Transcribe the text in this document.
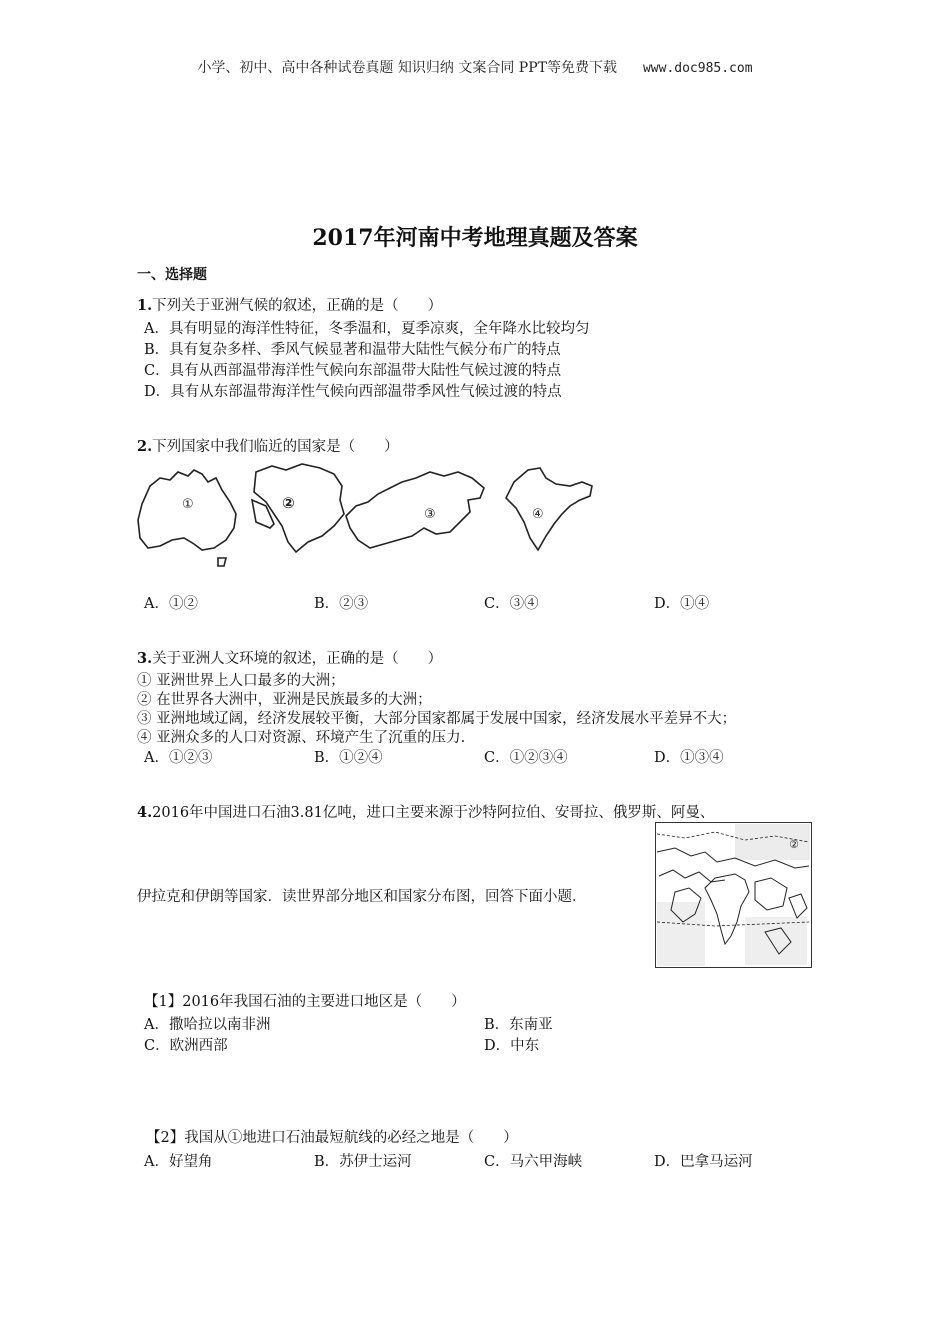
小学、初中、高中各种试卷真题 知识归纳 文案合同 PPT等免费下载 www.doc985.com
2017年河南中考地理真题及答案
一、选择题
1.下列关于亚洲气候的叙述，正确的是（　　）
A．具有明显的海洋性特征，冬季温和，夏季凉爽，全年降水比较均匀
B．具有复杂多样、季风气候显著和温带大陆性气候分布广的特点
C．具有从西部温带海洋性气候向东部温带大陆性气候过渡的特点
D．具有从东部温带海洋性气候向西部温带季风性气候过渡的特点
2.下列国家中我们临近的国家是（　　）
①	②
③	④
A．①②	B．②③	C．③④	D．①④
3.关于亚洲人文环境的叙述，正确的是（　　）
① 亚洲世界上人口最多的大洲；
② 在世界各大洲中，亚洲是民族最多的大洲；
③ 亚洲地域辽阔，经济发展较平衡，大部分国家都属于发展中国家，经济发展水平差异不大；
④ 亚洲众多的人口对资源、环境产生了沉重的压力.
A．①②③	B．①②④	C．①②③④	D．①③④
4.2016年中国进口石油3.81亿吨，进口主要来源于沙特阿拉伯、安哥拉、俄罗斯、阿曼、
伊拉克和伊朗等国家．读世界部分地区和国家分布图，回答下面小题．
②
【1】2016年我国石油的主要进口地区是（　　）
A．撒哈拉以南非洲	B．东南亚
C．欧洲西部	D．中东
【2】我国从①地进口石油最短航线的必经之地是（　　）
A．好望角	B．苏伊士运河	C．马六甲海峡	D．巴拿马运河
